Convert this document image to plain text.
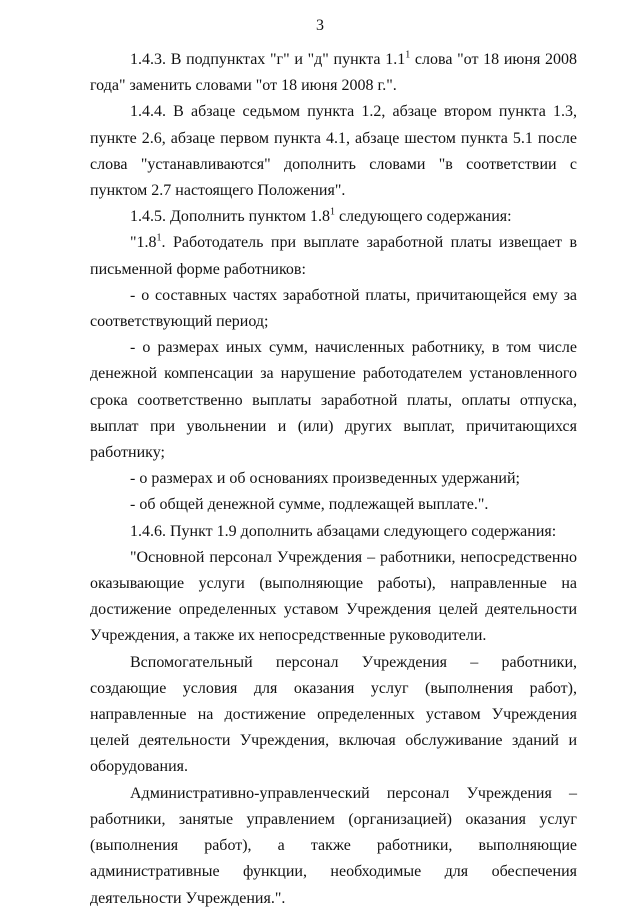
3

1.4.3. В подпунктах "г" и "д" пункта $1.1^1$ слова "от 18 июня 2008 года" заменить словами "от 18 июня 2008 г.".

1.4.4. В абзаце седьмом пункта 1.2, абзаце втором пункта 1.3, пункте 2.6, абзаце первом пункта 4.1, абзаце шестом пункта 5.1 после слова "устанавливаются" дополнить словами "в соответствии с пунктом 2.7 настоящего Положения".

1.4.5. Дополнить пунктом $1.8^1$ следующего содержания:

"$1.8^1$. Работодатель при выплате заработной платы извещает в письменной форме работников:

- о составных частях заработной платы, причитающейся ему за соответствующий период;

- о размерах иных сумм, начисленных работнику, в том числе денежной компенсации за нарушение работодателем установленного срока соответственно выплаты заработной платы, оплаты отпуска, выплат при увольнении и (или) других выплат, причитающихся работнику;

- о размерах и об основаниях произведенных удержаний;

- об общей денежной сумме, подлежащей выплате.".

1.4.6. Пункт 1.9 дополнить абзацами следующего содержания:

"Основной персонал Учреждения – работники, непосредственно оказывающие услуги (выполняющие работы), направленные на достижение определенных уставом Учреждения целей деятельности Учреждения, а также их непосредственные руководители.

Вспомогательный персонал Учреждения – работники, создающие условия для оказания услуг (выполнения работ), направленные на достижение определенных уставом Учреждения целей деятельности Учреждения, включая обслуживание зданий и оборудования.

Административно-управленческий персонал Учреждения – работники, занятые управлением (организацией) оказания услуг (выполнения работ), а также работники, выполняющие административные функции, необходимые для обеспечения деятельности Учреждения.".
